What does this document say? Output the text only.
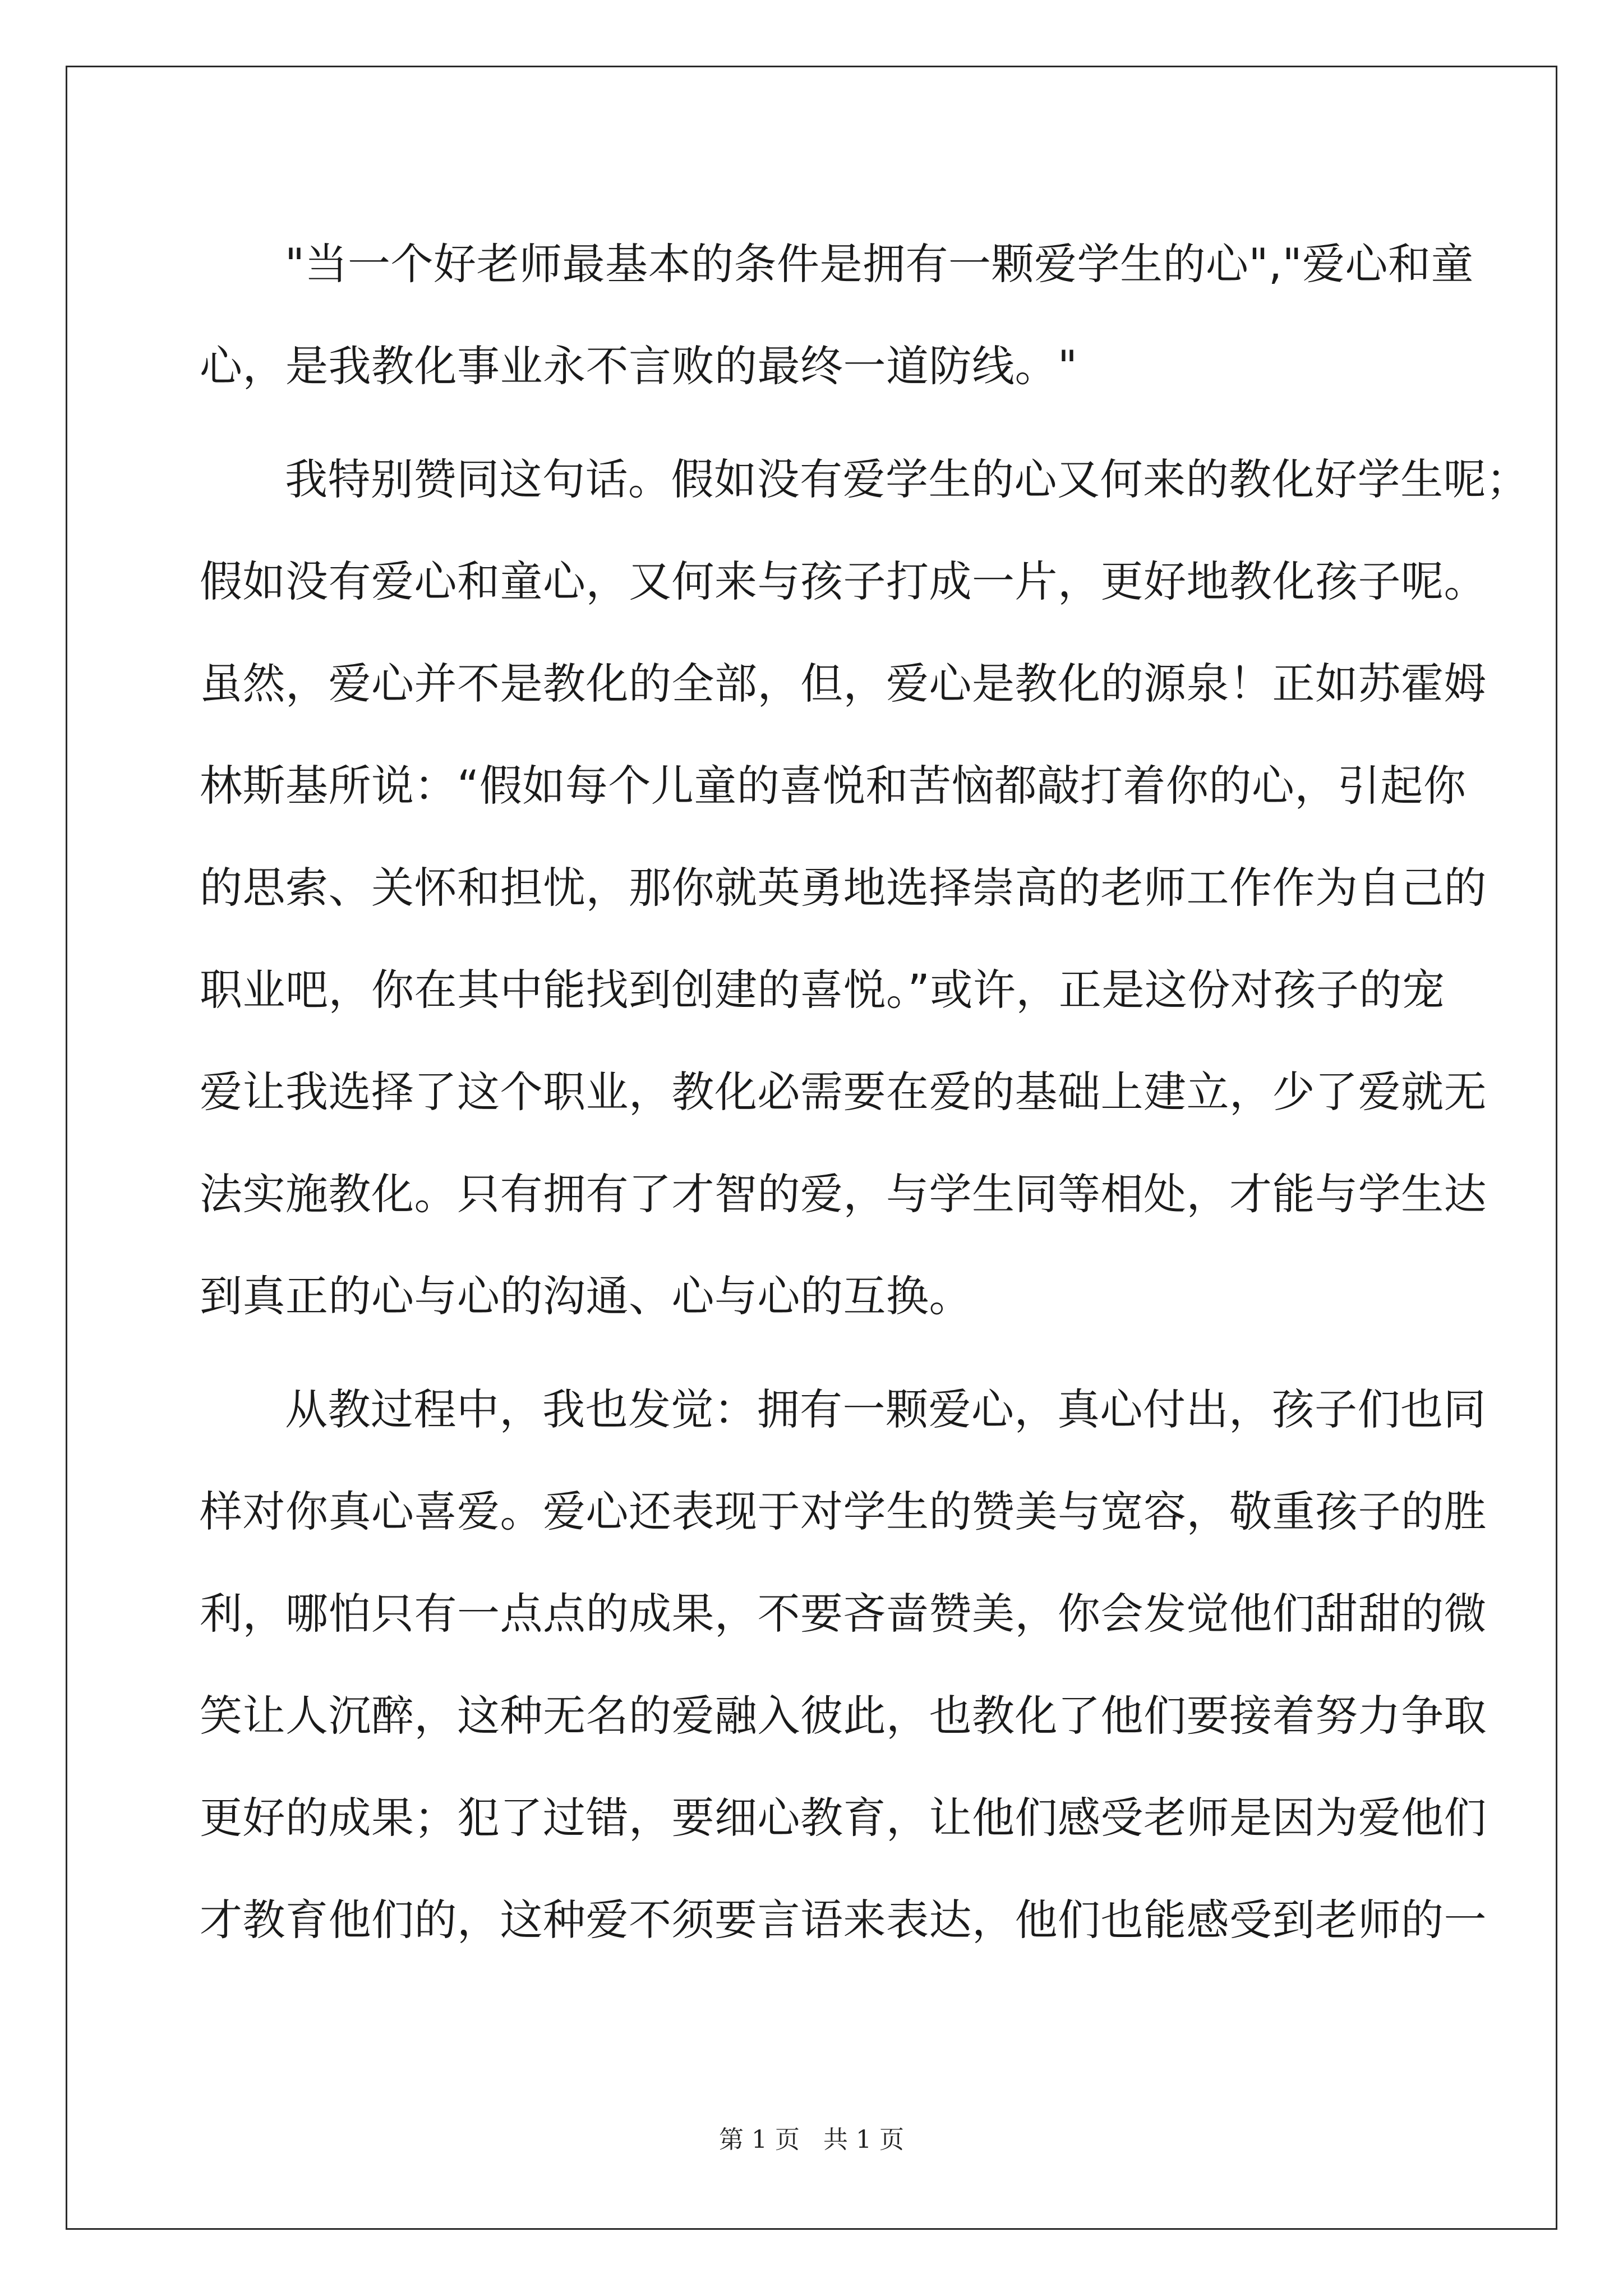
"当一个好老师最基本的条件是拥有一颗爱学生的心","爱心和童
心，是我教化事业永不言败的最终一道防线。"
我特别赞同这句话。假如没有爱学生的心又何来的教化好学生呢；
假如没有爱心和童心，又何来与孩子打成一片，更好地教化孩子呢。
虽然，爱心并不是教化的全部，但，爱心是教化的源泉！正如苏霍姆
林斯基所说：“假如每个儿童的喜悦和苦恼都敲打着你的心，引起你
的思索、关怀和担忧，那你就英勇地选择崇高的老师工作作为自己的
职业吧，你在其中能找到创建的喜悦。”或许，正是这份对孩子的宠
爱让我选择了这个职业，教化必需要在爱的基础上建立，少了爱就无
法实施教化。只有拥有了才智的爱，与学生同等相处，才能与学生达
到真正的心与心的沟通、心与心的互换。
从教过程中，我也发觉：拥有一颗爱心，真心付出，孩子们也同
样对你真心喜爱。爱心还表现于对学生的赞美与宽容，敬重孩子的胜
利，哪怕只有一点点的成果，不要吝啬赞美，你会发觉他们甜甜的微
笑让人沉醉，这种无名的爱融入彼此，也教化了他们要接着努力争取
更好的成果；犯了过错，要细心教育，让他们感受老师是因为爱他们
才教育他们的，这种爱不须要言语来表达，他们也能感受到老师的一
第 1 页 共 1 页
